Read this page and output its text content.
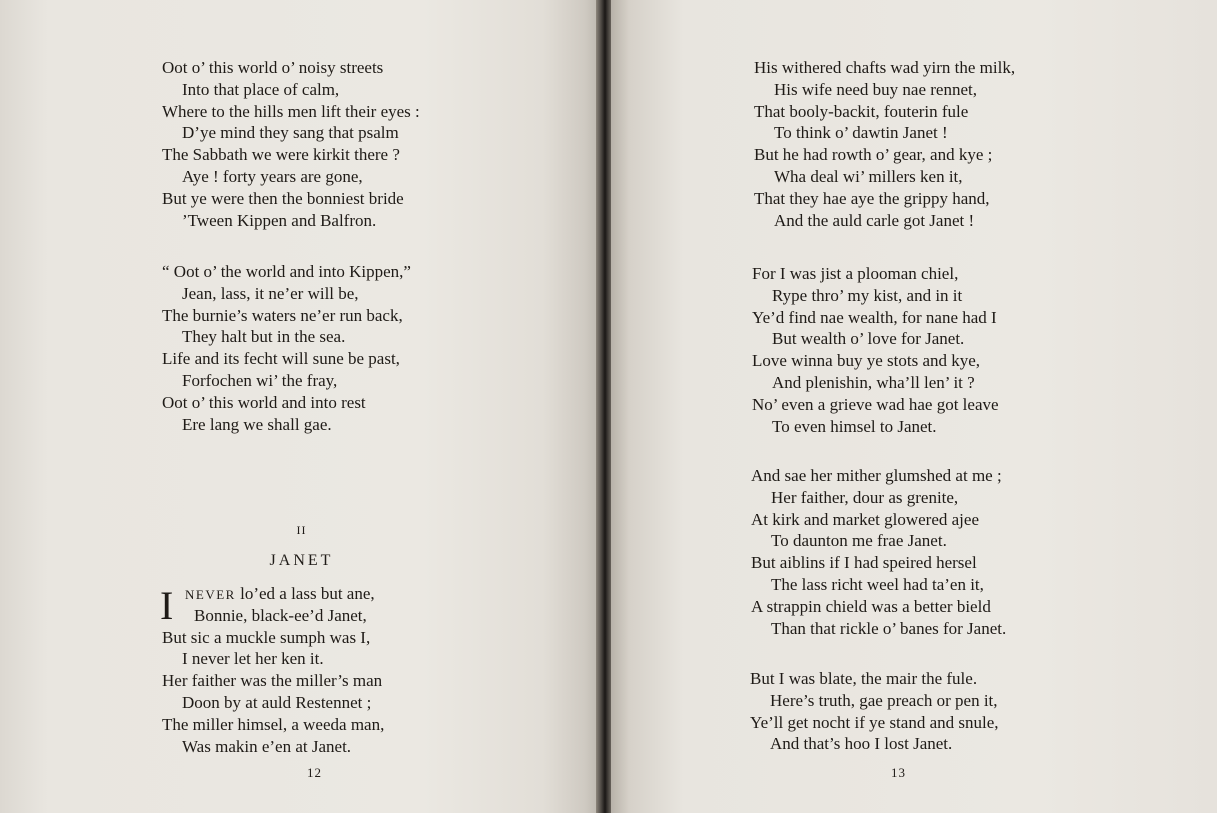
Oot o’ this world o’ noisy streets
Into that place of calm,
Where to the hills men lift their eyes :
D’ye mind they sang that psalm
The Sabbath we were kirkit there ?
Aye ! forty years are gone,
But ye were then the bonniest bride
’Tween Kippen and Balfron.
“ Oot o’ the world and into Kippen,”
Jean, lass, it ne’er will be,
The burnie’s waters ne’er run back,
They halt but in the sea.
Life and its fecht will sune be past,
Forfochen wi’ the fray,
Oot o’ this world and into rest
Ere lang we shall gae.
II
JANET
I NEVER lo’ed a lass but ane,
Bonnie, black-ee’d Janet,
But sic a muckle sumph was I,
I never let her ken it.
Her faither was the miller’s man
Doon by at auld Restennet ;
The miller himsel, a weeda man,
Was makin e’en at Janet.
12
His withered chafts wad yirn the milk,
His wife need buy nae rennet,
That booly-backit, fouterin fule
To think o’ dawtin Janet !
But he had rowth o’ gear, and kye ;
Wha deal wi’ millers ken it,
That they hae aye the grippy hand,
And the auld carle got Janet !
For I was jist a plooman chiel,
Rype thro’ my kist, and in it
Ye’d find nae wealth, for nane had I
But wealth o’ love for Janet.
Love winna buy ye stots and kye,
And plenishin, wha’ll len’ it ?
No’ even a grieve wad hae got leave
To even himsel to Janet.
And sae her mither glumshed at me ;
Her faither, dour as grenite,
At kirk and market glowered ajee
To daunton me frae Janet.
But aiblins if I had speired hersel
The lass richt weel had ta’en it,
A strappin chield was a better bield
Than that rickle o’ banes for Janet.
But I was blate, the mair the fule.
Here’s truth, gae preach or pen it,
Ye’ll get nocht if ye stand and snule,
And that’s hoo I lost Janet.
13
